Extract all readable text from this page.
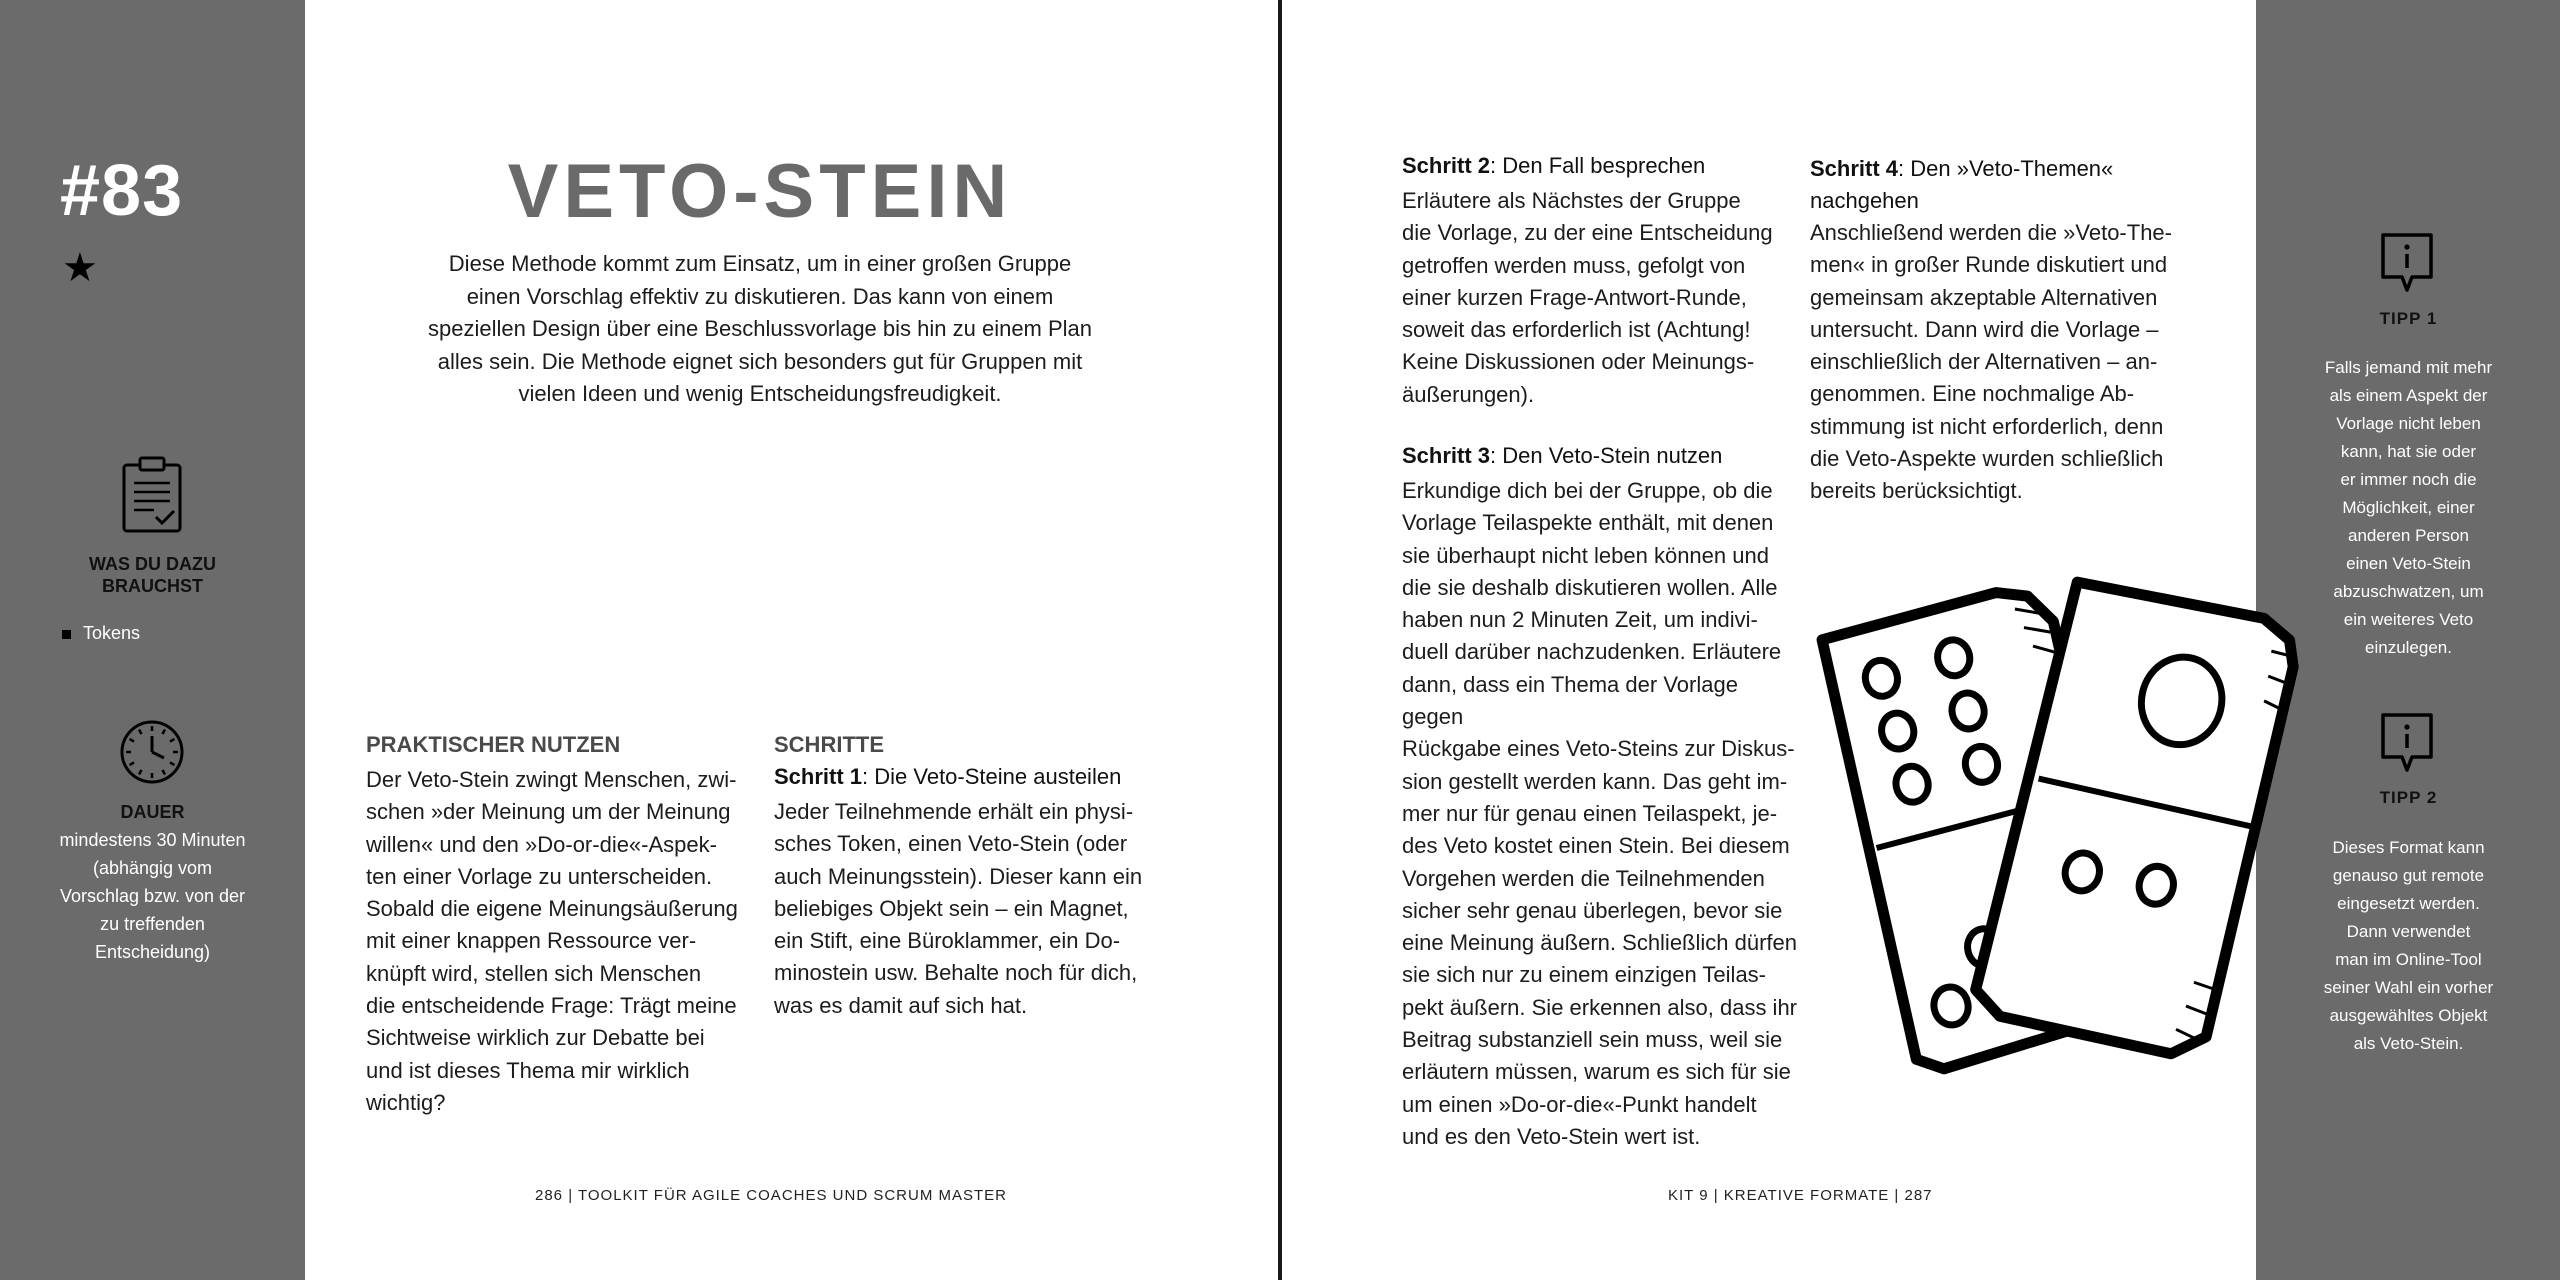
#83
★
WAS DU DAZU BRAUCHST
Tokens
DAUER
mindestens 30 Minuten (abhängig vom Vorschlag bzw. von der zu treffenden Entscheidung)
VETO-STEIN
Diese Methode kommt zum Einsatz, um in einer großen Gruppe einen Vorschlag effektiv zu diskutieren. Das kann von einem speziellen Design über eine Beschlussvorlage bis hin zu einem Plan alles sein. Die Methode eignet sich besonders gut für Gruppen mit vielen Ideen und wenig Entscheidungsfreudigkeit.
PRAKTISCHER NUTZEN
Der Veto-Stein zwingt Menschen, zwi-
schen »der Meinung um der Meinung
willen« und den »Do-or-die«-Aspek-
ten einer Vorlage zu unterscheiden.
Sobald die eigene Meinungsäußerung
mit einer knappen Ressource ver-
knüpft wird, stellen sich Menschen
die entscheidende Frage: Trägt meine
Sichtweise wirklich zur Debatte bei
und ist dieses Thema mir wirklich
wichtig?
SCHRITTE
Schritt 1: Die Veto-Steine austeilen
Jeder Teilnehmende erhält ein physi-
sches Token, einen Veto-Stein (oder
auch Meinungsstein). Dieser kann ein
beliebiges Objekt sein – ein Magnet,
ein Stift, eine Büroklammer, ein Do-
minostein usw. Behalte noch für dich,
was es damit auf sich hat.
286 | TOOLKIT FÜR AGILE COACHES UND SCRUM MASTER
Schritt 2: Den Fall besprechen
Erläutere als Nächstes der Gruppe
die Vorlage, zu der eine Entscheidung
getroffen werden muss, gefolgt von
einer kurzen Frage-Antwort-Runde,
soweit das erforderlich ist (Achtung!
Keine Diskussionen oder Meinungs-
äußerungen).
Schritt 3: Den Veto-Stein nutzen
Erkundige dich bei der Gruppe, ob die
Vorlage Teilaspekte enthält, mit denen
sie überhaupt nicht leben können und
die sie deshalb diskutieren wollen. Alle
haben nun 2 Minuten Zeit, um indivi-
duell darüber nachzudenken. Erläutere
dann, dass ein Thema der Vorlage gegen
Rückgabe eines Veto-Steins zur Diskus-
sion gestellt werden kann. Das geht im-
mer nur für genau einen Teilaspekt, je-
des Veto kostet einen Stein. Bei diesem
Vorgehen werden die Teilnehmenden
sicher sehr genau überlegen, bevor sie
eine Meinung äußern. Schließlich dürfen
sie sich nur zu einem einzigen Teilas-
pekt äußern. Sie erkennen also, dass ihr
Beitrag substanziell sein muss, weil sie
erläutern müssen, warum es sich für sie
um einen »Do-or-die«-Punkt handelt
und es den Veto-Stein wert ist.
Schritt 4: Den »Veto-Themen«
nachgehen
Anschließend werden die »Veto-The-
men« in großer Runde diskutiert und
gemeinsam akzeptable Alternativen
untersucht. Dann wird die Vorlage –
einschließlich der Alternativen – an-
genommen. Eine nochmalige Ab-
stimmung ist nicht erforderlich, denn
die Veto-Aspekte wurden schließlich
bereits berücksichtigt.
KIT 9 | KREATIVE FORMATE | 287
TIPP 1
Falls jemand mit mehr
als einem Aspekt der
Vorlage nicht leben
kann, hat sie oder
er immer noch die
Möglichkeit, einer
anderen Person
einen Veto-Stein
abzuschwatzen, um
ein weiteres Veto
einzulegen.
TIPP 2
Dieses Format kann
genauso gut remote
eingesetzt werden.
Dann verwendet
man im Online-Tool
seiner Wahl ein vorher
ausgewähltes Objekt
als Veto-Stein.
